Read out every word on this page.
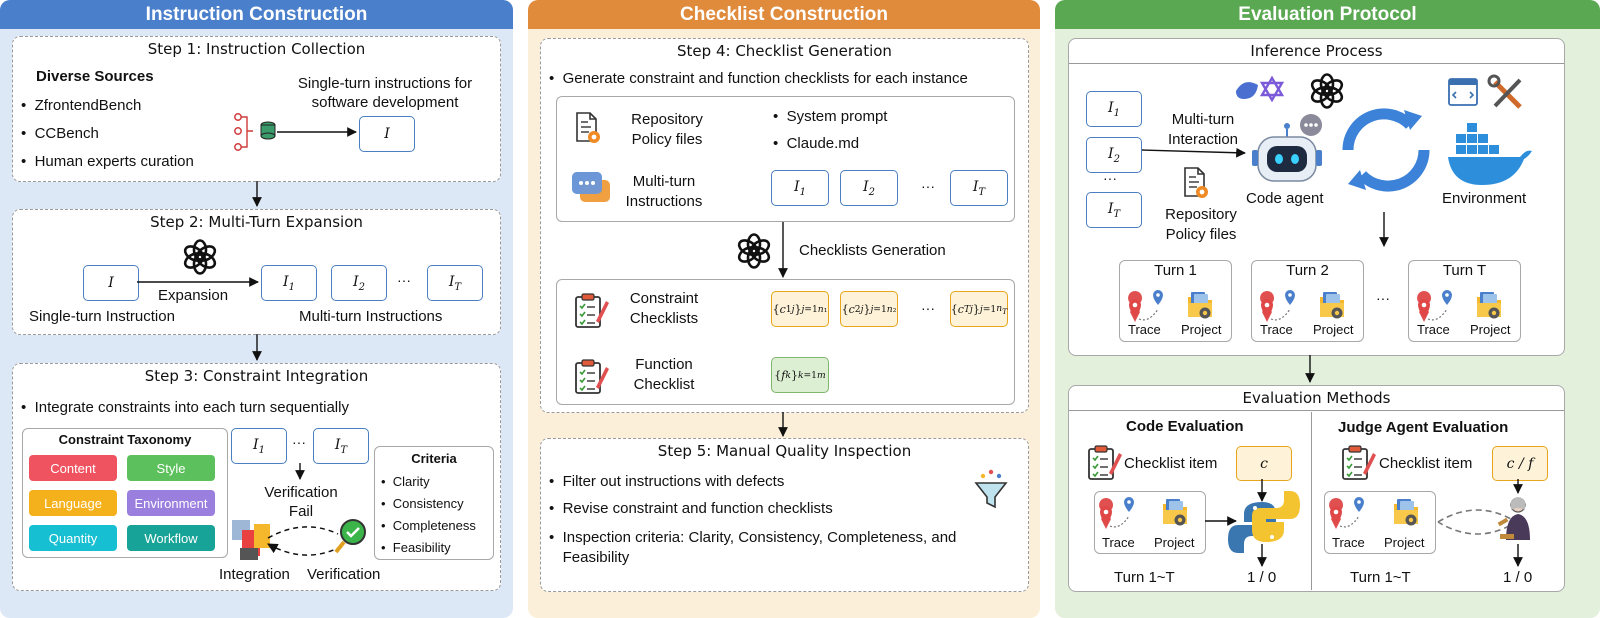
Instruction Construction
Step 1: Instruction Collection
Diverse Sources
•  ZfrontendBench
•  CCBench
•  Human experts curation
Single-turn instructions for
software development
I
Step 2: Multi-Turn Expansion
I
Expansion
Single-turn Instruction	Multi-turn Instructions
$I_1$	$I_2$ ···	$I_T$
Step 3: Constraint Integration
•  Integrate constraints into each turn sequentially
Constraint Taxonomy
Content	Style
Language	Environment
Quantity	Workflow
$I_1$ ··· $I_T$
Verification
Fail
Integration Verification
Criteria
•  Clarity
•  Consistency
•  Completeness
•  Feasibility
Checklist Construction
Step 4: Checklist Generation
•  Generate constraint and function checklists for each instance
Repository
Policy files
•  System prompt
•  Claude.md
Multi-turn
Instructions
$I_1$	$I_2$	···	$I_T$
Checklists Generation
Constraint
Checklists
{ c 1 j } j=1 n₁ { c 2 j } j=1 n₂ ··· { c T j } j=1 $n_T$
Function
Checklist
{ f k } k=1 m
Step 5: Manual Quality Inspection
•  Filter out instructions with defects
•  Revise constraint and function checklists
• Inspection criteria: Clarity, Consistency, Completeness, and Feasibility
Evaluation Protocol
Inference Process
$I_1$
$I_2$
···
$I_T$
Multi-turn
Interaction
Repository
Policy files
Code agent	Environment
Turn 1
Trace Project
Turn 2
Trace Project
···
Turn T
Trace Project
Evaluation Methods
Code Evaluation	Judge Agent Evaluation
Checklist item	Checklist item
c	c / f
Trace Project	Trace Project
Turn 1~T	1 / 0	Turn 1~T	1 / 0
